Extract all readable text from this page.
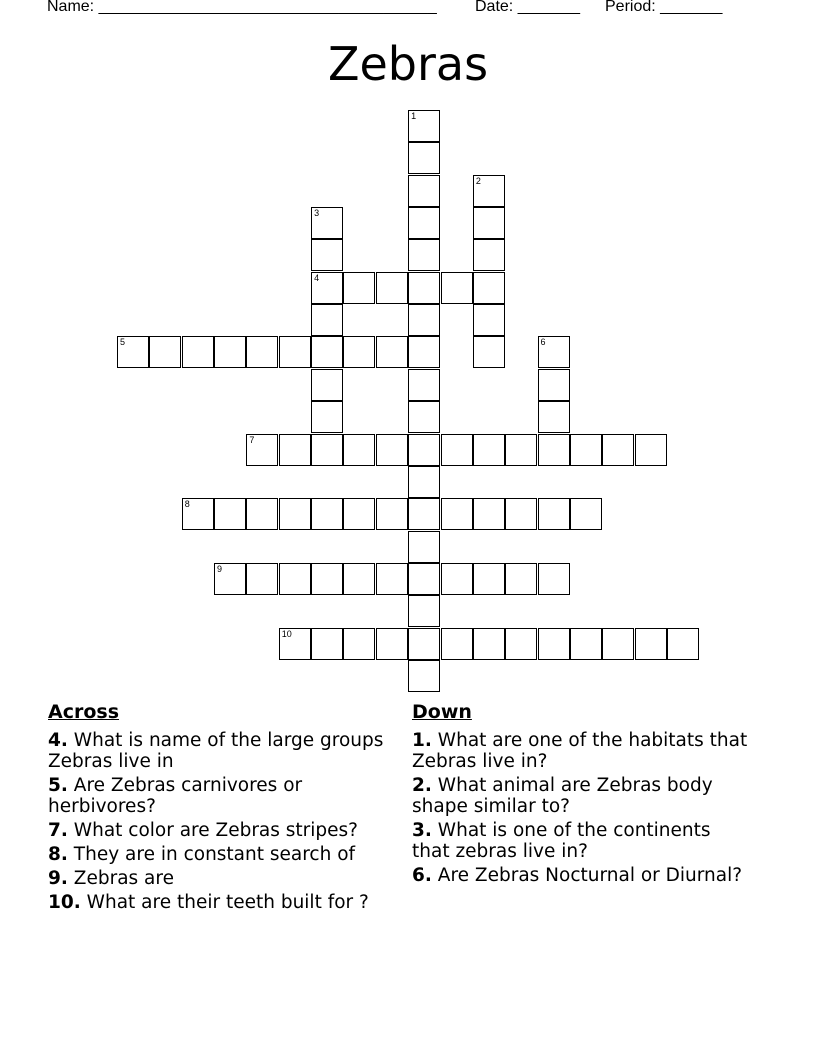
Name: ______________________________________ Date: _______ Period: _______
Zebras
1
2
3
4
5	6
7
8
9
10
Across
4. What is name of the large groups Zebras live in
5. Are Zebras carnivores or herbivores?
7. What color are Zebras stripes?
8. They are in constant search of
9. Zebras are
10. What are their teeth built for ?
Down
1. What are one of the habitats that Zebras live in?
2. What animal are Zebras body shape similar to?
3. What is one of the continents that zebras live in?
6. Are Zebras Nocturnal or Diurnal?
